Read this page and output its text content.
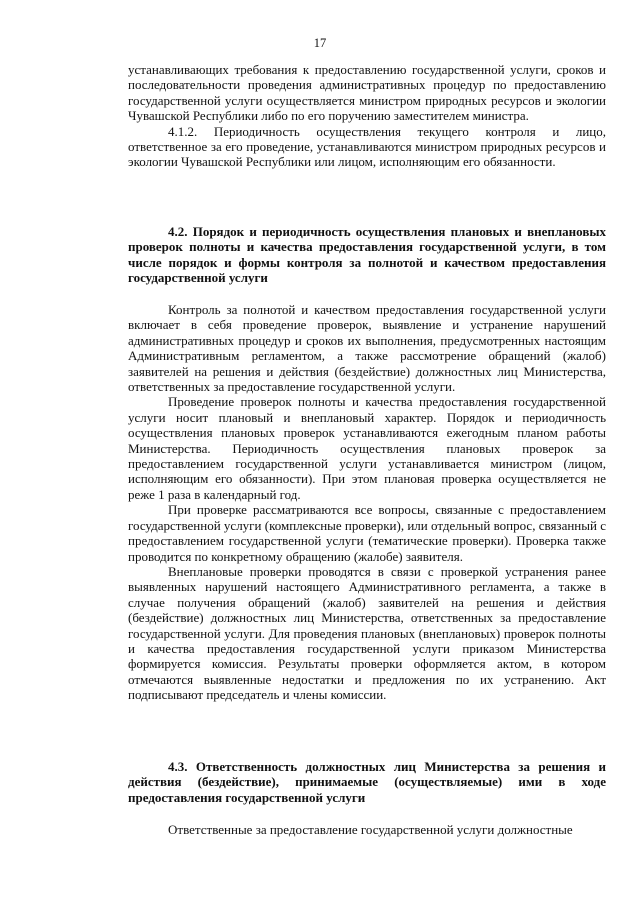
17

устанавливающих требования к предоставлению государственной услуги, сроков и последовательности проведения административных процедур по предоставлению государственной услуги осуществляется министром природных ресурсов и экологии Чувашской Республики либо по его поручению заместителем министра.

4.1.2. Периодичность осуществления текущего контроля и лицо, ответственное за его проведение, устанавливаются министром природных ресурсов и экологии Чувашской Республики или лицом, исполняющим его обязанности.

4.2. Порядок и периодичность осуществления плановых и внеплановых проверок полноты и качества предоставления государственной услуги, в том числе порядок и формы контроля за полнотой и качеством предоставления государственной услуги

Контроль за полнотой и качеством предоставления государственной услуги включает в себя проведение проверок, выявление и устранение нарушений административных процедур и сроков их выполнения, предусмотренных настоящим Административным регламентом, а также рассмотрение обращений (жалоб) заявителей на решения и действия (бездействие) должностных лиц Министерства, ответственных за предоставление государственной услуги.

Проведение проверок полноты и качества предоставления государственной услуги носит плановый и внеплановый характер. Порядок и периодичность осуществления плановых проверок устанавливаются ежегодным планом работы Министерства. Периодичность осуществления плановых проверок за предоставлением государственной услуги устанавливается министром (лицом, исполняющим его обязанности). При этом плановая проверка осуществляется не реже 1 раза в календарный год.

При проверке рассматриваются все вопросы, связанные с предоставлением государственной услуги (комплексные проверки), или отдельный вопрос, связанный с предоставлением государственной услуги (тематические проверки). Проверка также проводится по конкретному обращению (жалобе) заявителя.

Внеплановые проверки проводятся в связи с проверкой устранения ранее выявленных нарушений настоящего Административного регламента, а также в случае получения обращений (жалоб) заявителей на решения и действия (бездействие) должностных лиц Министерства, ответственных за предоставление государственной услуги. Для проведения плановых (внеплановых) проверок полноты и качества предоставления государственной услуги приказом Министерства формируется комиссия. Результаты проверки оформляется актом, в котором отмечаются выявленные недостатки и предложения по их устранению. Акт подписывают председатель и члены комиссии.

4.3. Ответственность должностных лиц Министерства за решения и действия (бездействие), принимаемые (осуществляемые) ими в ходе предоставления государственной услуги

Ответственные за предоставление государственной услуги должностные
